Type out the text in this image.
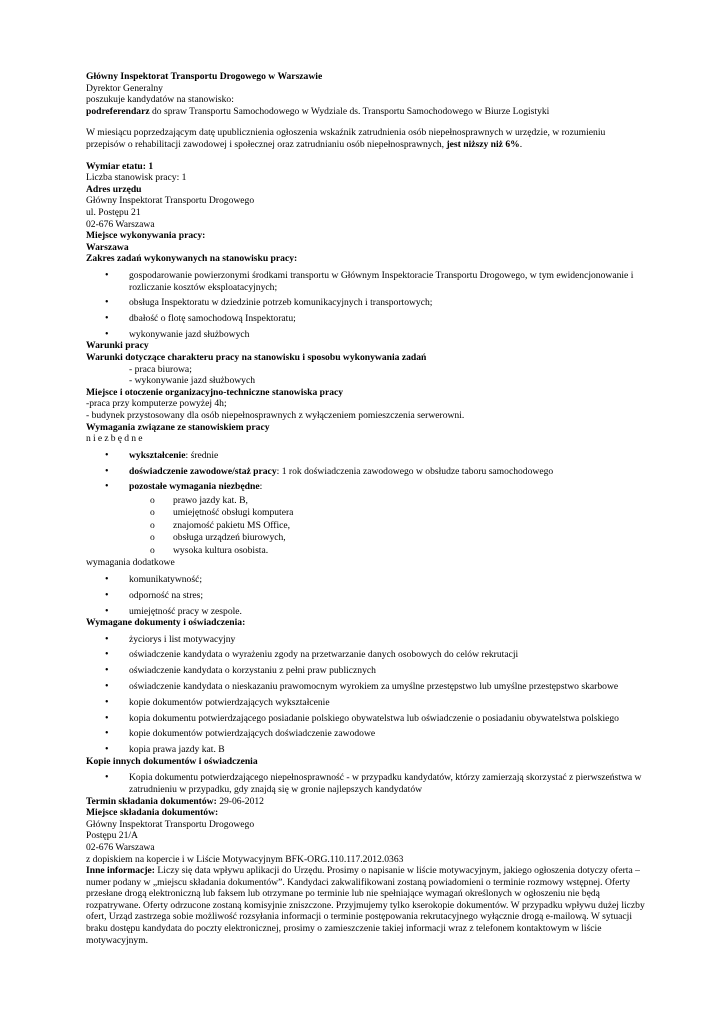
Główny Inspektorat Transportu Drogowego w Warszawie
Dyrektor Generalny
poszukuje kandydatów na stanowisko:
podreferendarz do spraw Transportu Samochodowego w Wydziale ds. Transportu Samochodowego w Biurze Logistyki
W miesiącu poprzedzającym datę upublicznienia ogłoszenia wskaźnik zatrudnienia osób niepełnosprawnych w urzędzie, w rozumieniu przepisów o rehabilitacji zawodowej i społecznej oraz zatrudnianiu osób niepełnosprawnych, jest niższy niż 6%.
Wymiar etatu: 1
Liczba stanowisk pracy: 1
Adres urzędu
Główny Inspektorat Transportu Drogowego
ul. Postępu 21
02-676 Warszawa
Miejsce wykonywania pracy:
Warszawa
Zakres zadań wykonywanych na stanowisku pracy:
• gospodarowanie powierzonymi środkami transportu w Głównym Inspektoracie Transportu Drogowego, w tym ewidencjonowanie i rozliczanie kosztów eksploatacyjnych;
• obsługa Inspektoratu w dziedzinie potrzeb komunikacyjnych i transportowych;
• dbałość o flotę samochodową Inspektoratu;
• wykonywanie jazd służbowych
Warunki pracy
Warunki dotyczące charakteru pracy na stanowisku i sposobu wykonywania zadań
- praca biurowa;
- wykonywanie jazd służbowych
Miejsce i otoczenie organizacyjno-techniczne stanowiska pracy
-praca przy komputerze powyżej 4h;
- budynek przystosowany dla osób niepełnosprawnych z wyłączeniem pomieszczenia serwerowni.
Wymagania związane ze stanowiskiem pracy
niezbędne
• wykształcenie: średnie
• doświadczenie zawodowe/staż pracy: 1 rok doświadczenia zawodowego w obsłudze taboru samochodowego
• pozostałe wymagania niezbędne:
o prawo jazdy kat. B,
o umiejętność obsługi komputera
o znajomość pakietu MS Office,
o obsługa urządzeń biurowych,
o wysoka kultura osobista.
wymagania dodatkowe
• komunikatywność;
• odporność na stres;
• umiejętność pracy w zespole.
Wymagane dokumenty i oświadczenia:
• życiorys i list motywacyjny
• oświadczenie kandydata o wyrażeniu zgody na przetwarzanie danych osobowych do celów rekrutacji
• oświadczenie kandydata o korzystaniu z pełni praw publicznych
• oświadczenie kandydata o nieskazaniu prawomocnym wyrokiem za umyślne przestępstwo lub umyślne przestępstwo skarbowe
• kopie dokumentów potwierdzających wykształcenie
• kopia dokumentu potwierdzającego posiadanie polskiego obywatelstwa lub oświadczenie o posiadaniu obywatelstwa polskiego
• kopie dokumentów potwierdzających doświadczenie zawodowe
• kopia prawa jazdy kat. B
Kopie innych dokumentów i oświadczenia
• Kopia dokumentu potwierdzającego niepełnosprawność - w przypadku kandydatów, którzy zamierzają skorzystać z pierwszeństwa w zatrudnieniu w przypadku, gdy znajdą się w gronie najlepszych kandydatów
Termin składania dokumentów: 29-06-2012
Miejsce składania dokumentów:
Główny Inspektorat Transportu Drogowego
Postępu 21/A
02-676 Warszawa
z dopiskiem na kopercie i w Liście Motywacyjnym BFK-ORG.110.117.2012.0363
Inne informacje: Liczy się data wpływu aplikacji do Urzędu. Prosimy o napisanie w liście motywacyjnym, jakiego ogłoszenia dotyczy oferta – numer podany w „miejscu składania dokumentów”. Kandydaci zakwalifikowani zostaną powiadomieni o terminie rozmowy wstępnej. Oferty przesłane drogą elektroniczną lub faksem lub otrzymane po terminie lub nie spełniające wymagań określonych w ogłoszeniu nie będą rozpatrywane. Oferty odrzucone zostaną komisyjnie zniszczone. Przyjmujemy tylko kserokopie dokumentów. W przypadku wpływu dużej liczby ofert, Urząd zastrzega sobie możliwość rozsyłania informacji o terminie postępowania rekrutacyjnego wyłącznie drogą e-mailową. W sytuacji braku dostępu kandydata do poczty elektronicznej, prosimy o zamieszczenie takiej informacji wraz z telefonem kontaktowym w liście motywacyjnym.
